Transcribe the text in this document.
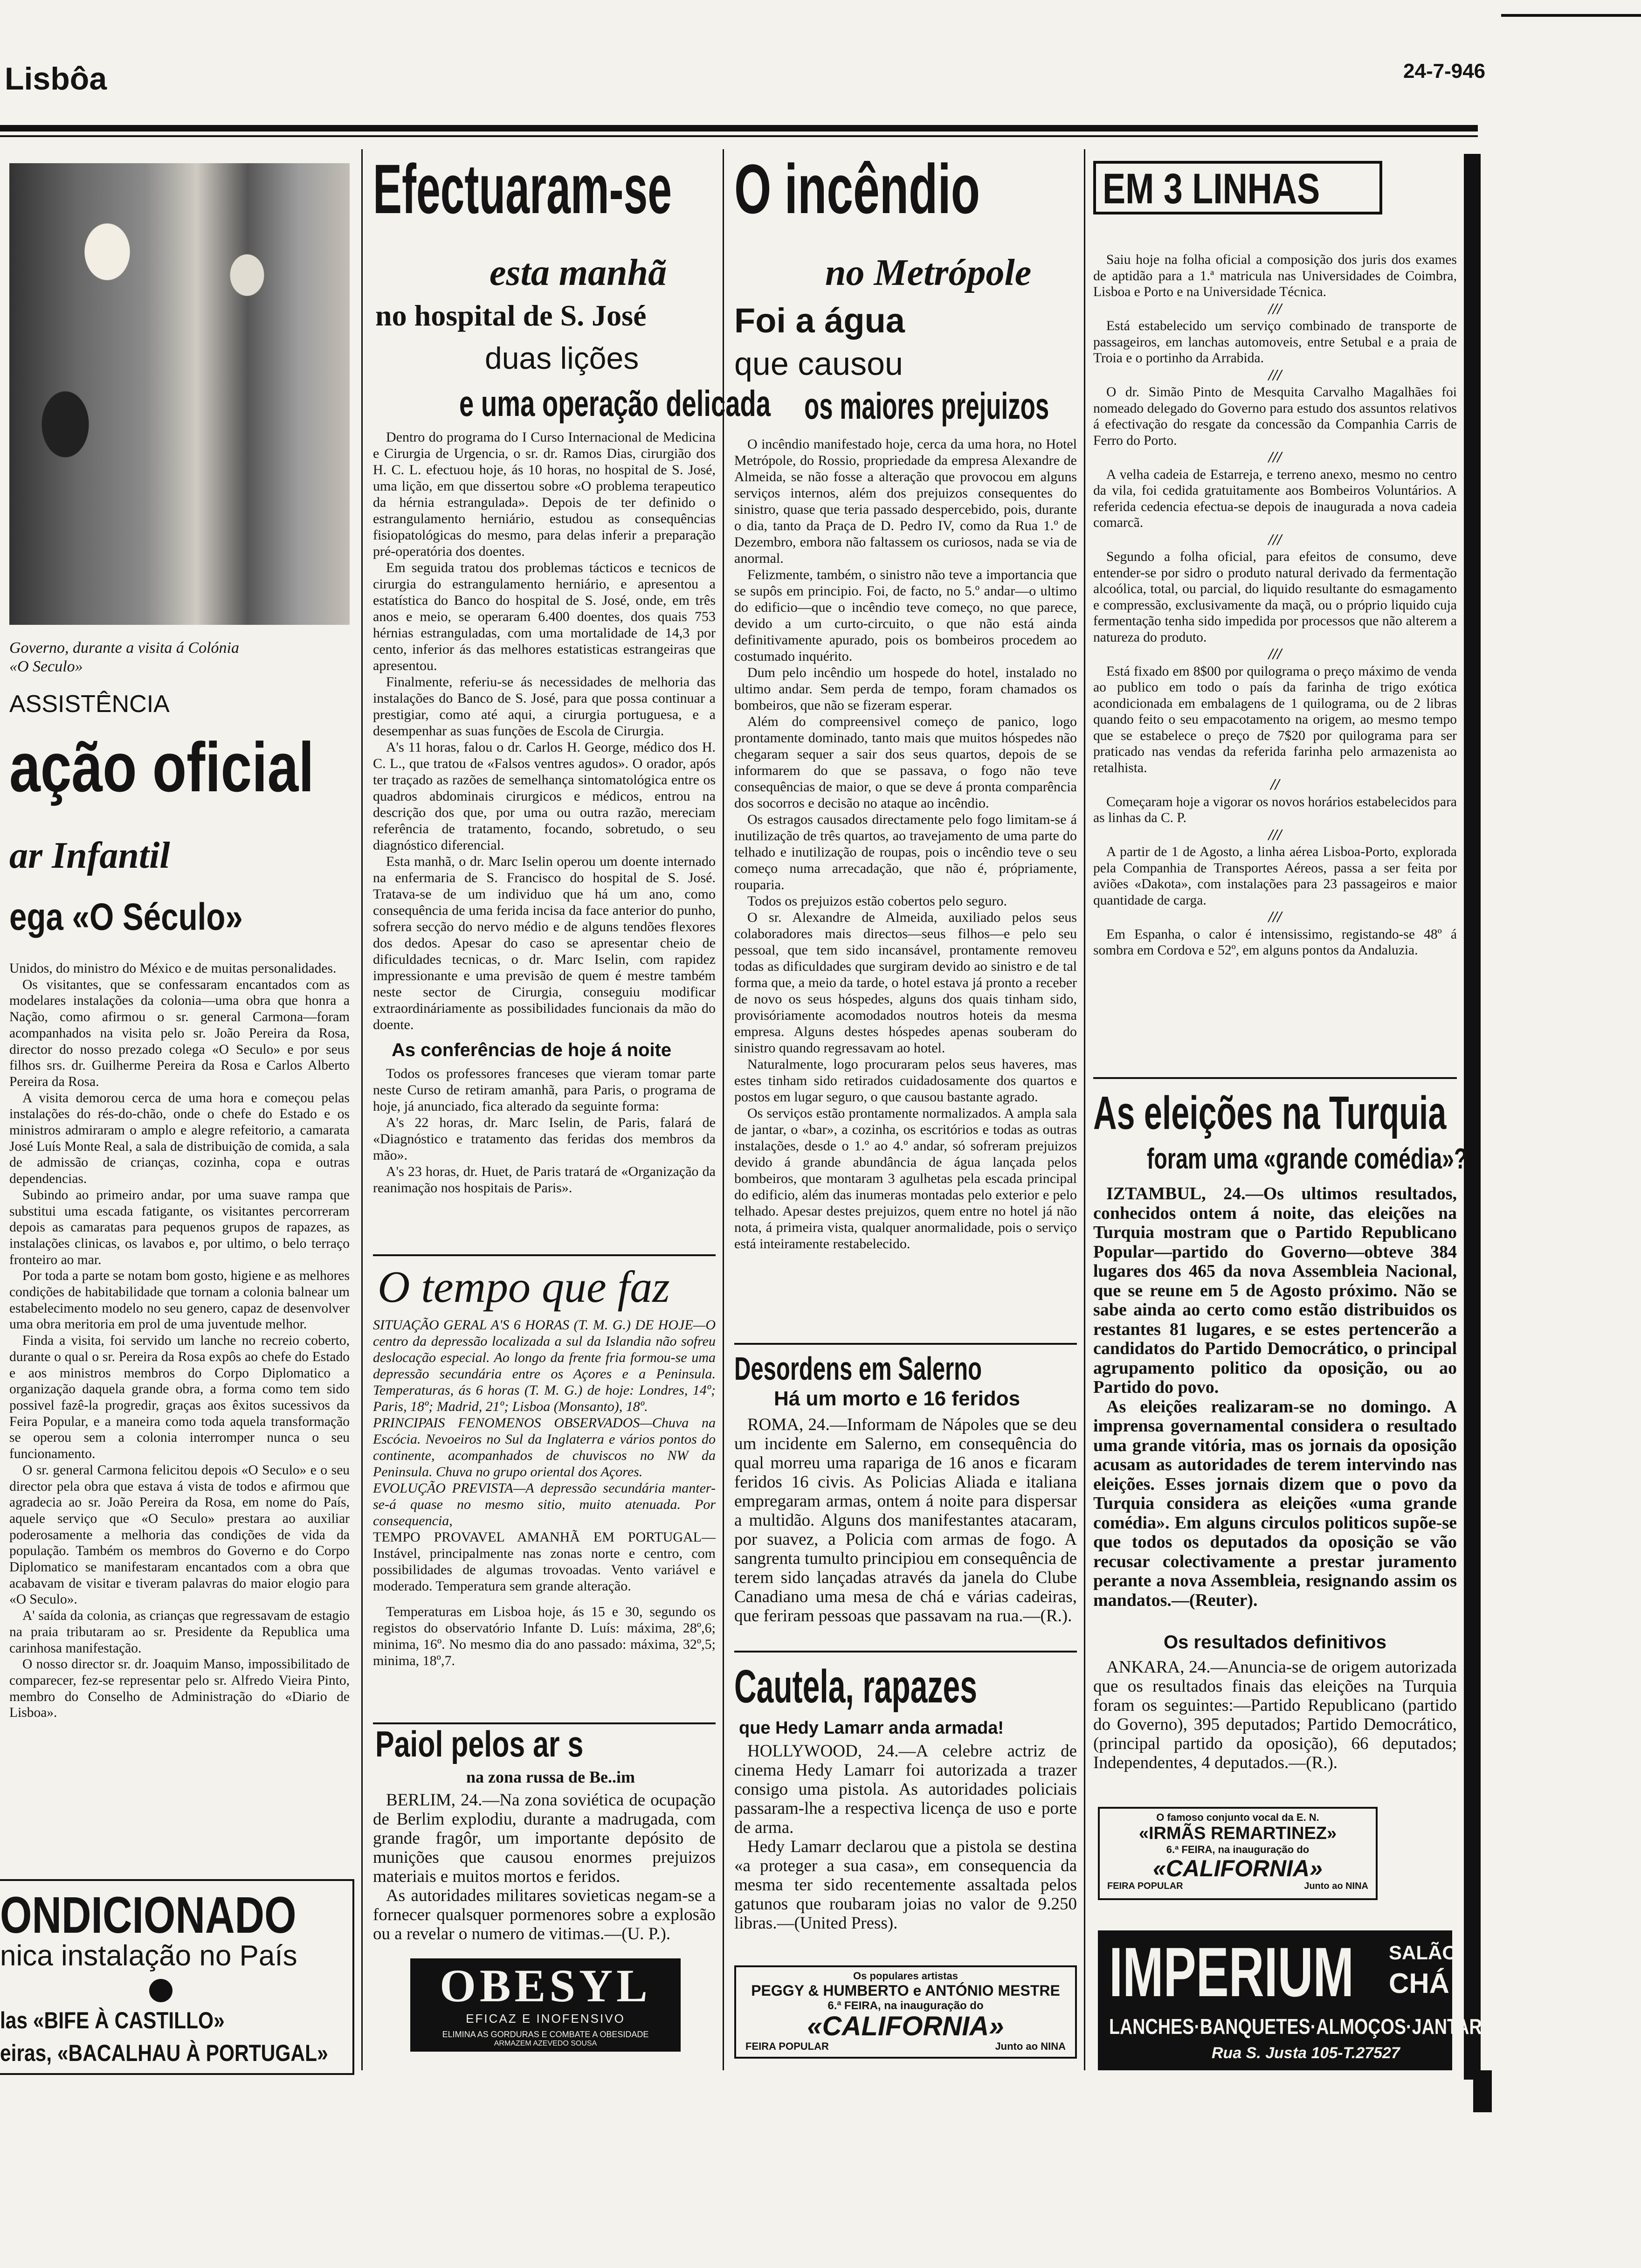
Lisbôa	24-7-946
Governo, durante a visita á Colónia
«O Seculo»
ASSISTÊNCIA
ação oficial
ar Infantil
ega «O Século»

Unidos, do ministro do México e de muitas personalidades.

Os visitantes, que se confessaram encantados com as modelares instalações da colonia—uma obra que honra a Nação, como afirmou o sr. general Carmona—foram acompanhados na visita pelo sr. João Pereira da Rosa, director do nosso prezado colega «O Seculo» e por seus filhos srs. dr. Guilherme Pereira da Rosa e Carlos Alberto Pereira da Rosa.

A visita demorou cerca de uma hora e começou pelas instalações do rés-do-chão, onde o chefe do Estado e os ministros admiraram o amplo e alegre refeitorio, a camarata José Luís Monte Real, a sala de distribuição de comida, a sala de admissão de crianças, cozinha, copa e outras dependencias.

Subindo ao primeiro andar, por uma suave rampa que substitui uma escada fatigante, os visitantes percorreram depois as camaratas para pequenos grupos de rapazes, as instalações clinicas, os lavabos e, por ultimo, o belo terraço fronteiro ao mar.

Por toda a parte se notam bom gosto, higiene e as melhores condições de habitabilidade que tornam a colonia balnear um estabelecimento modelo no seu genero, capaz de desenvolver uma obra meritoria em prol de uma juventude melhor.

Finda a visita, foi servido um lanche no recreio coberto, durante o qual o sr. Pereira da Rosa expôs ao chefe do Estado e aos ministros membros do Corpo Diplomatico a organização daquela grande obra, a forma como tem sido possivel fazê-la progredir, graças aos êxitos sucessivos da Feira Popular, e a maneira como toda aquela transformação se operou sem a colonia interromper nunca o seu funcionamento.

O sr. general Carmona felicitou depois «O Seculo» e o seu director pela obra que estava á vista de todos e afirmou que agradecia ao sr. João Pereira da Rosa, em nome do País, aquele serviço que «O Seculo» prestara ao auxiliar poderosamente a melhoria das condições de vida da população. Também os membros do Governo e do Corpo Diplomatico se manifestaram encantados com a obra que acabavam de visitar e tiveram palavras do maior elogio para «O Seculo».

A' saída da colonia, as crianças que regressavam de estagio na praia tributaram ao sr. Presidente da Republica uma carinhosa manifestação.

O nosso director sr. dr. Joaquim Manso, impossibilitado de comparecer, fez-se representar pelo sr. Alfredo Vieira Pinto, membro do Conselho de Administração do «Diario de Lisboa».

ONDICIONADO
nica instalação no País
las «BIFE À CASTILLO»
eiras, «BACALHAU À PORTUGAL»
Efectuaram-se
esta manhã
no hospital de S. José
duas lições
e uma operação delicada

Dentro do programa do I Curso Internacional de Medicina e Cirurgia de Urgencia, o sr. dr. Ramos Dias, cirurgião dos H. C. L. efectuou hoje, ás 10 horas, no hospital de S. José, uma lição, em que dissertou sobre «O problema terapeutico da hérnia estrangulada». Depois de ter definido o estrangulamento herniário, estudou as consequências fisiopatológicas do mesmo, para delas inferir a preparação pré-operatória dos doentes.

Em seguida tratou dos problemas tácticos e tecnicos de cirurgia do estrangulamento herniário, e apresentou a estatística do Banco do hospital de S. José, onde, em três anos e meio, se operaram 6.400 doentes, dos quais 753 hérnias estranguladas, com uma mortalidade de 14,3 por cento, inferior ás das melhores estatisticas estrangeiras que apresentou.

Finalmente, referiu-se ás necessidades de melhoria das instalações do Banco de S. José, para que possa continuar a prestigiar, como até aqui, a cirurgia portuguesa, e a desempenhar as suas funções de Escola de Cirurgia.

A's 11 horas, falou o dr. Carlos H. George, médico dos H. C. L., que tratou de «Falsos ventres agudos». O orador, após ter traçado as razões de semelhança sintomatológica entre os quadros abdominais cirurgicos e médicos, entrou na descrição dos que, por uma ou outra razão, mereciam referência de tratamento, focando, sobretudo, o seu diagnóstico diferencial.

Esta manhã, o dr. Marc Iselin operou um doente internado na enfermaria de S. Francisco do hospital de S. José. Tratava-se de um individuo que há um ano, como consequência de uma ferida incisa da face anterior do punho, sofrera secção do nervo médio e de alguns tendões flexores dos dedos. Apesar do caso se apresentar cheio de dificuldades tecnicas, o dr. Marc Iselin, com rapidez impressionante e uma previsão de quem é mestre também neste sector de Cirurgia, conseguiu modificar extraordináriamente as possibilidades funcionais da mão do doente.

As conferências de hoje á noite

Todos os professores franceses que vieram tomar parte neste Curso de retiram amanhã, para Paris, o programa de hoje, já anunciado, fica alterado da seguinte forma:

A's 22 horas, dr. Marc Iselin, de Paris, falará de «Diagnóstico e tratamento das feridas dos membros da mão».

A's 23 horas, dr. Huet, de Paris tratará de «Organização da reanimação nos hospitais de Paris».

O tempo que faz

SITUAÇÃO GERAL A'S 6 HORAS (T. M. G.) DE HOJE—O centro da depressão localizada a sul da Islandia não sofreu deslocação especial. Ao longo da frente fria formou-se uma depressão secundária entre os Açores e a Peninsula. Temperaturas, ás 6 horas (T. M. G.) de hoje: Londres, 14º; Paris, 18º; Madrid, 21º; Lisboa (Monsanto), 18º.

PRINCIPAIS FENOMENOS OBSERVADOS—Chuva na Escócia. Nevoeiros no Sul da Inglaterra e vários pontos do continente, acompanhados de chuviscos no NW da Peninsula. Chuva no grupo oriental dos Açores.

EVOLUÇÃO PREVISTA—A depressão secundária manter-se-á quase no mesmo sitio, muito atenuada. Por consequencia,

TEMPO PROVAVEL AMANHÃ EM PORTUGAL—Instável, principalmente nas zonas norte e centro, com possibilidades de algumas trovoadas. Vento variável e moderado. Temperatura sem grande alteração.

Temperaturas em Lisboa hoje, ás 15 e 30, segundo os registos do observatório Infante D. Luís: máxima, 28º,6; minima, 16º. No mesmo dia do ano passado: máxima, 32º,5; minima, 18º,7.

Paiol pelos ar s
na zona russa de Be..im

BERLIM, 24.—Na zona soviética de ocupação de Berlim explodiu, durante a madrugada, com grande fragôr, um importante depósito de munições que causou enormes prejuizos materiais e muitos mortos e feridos.

As autoridades militares sovieticas negam-se a fornecer qualsquer pormenores sobre a explosão ou a revelar o numero de vitimas.—(U. P.).

OBESYL
EFICAZ E INOFENSIVO
ELIMINA AS GORDURAS E COMBATE A OBESIDADE
ARMAZEM AZEVEDO SOUSA
O incêndio
no Metrópole
Foi a água
que causou
os maiores prejuizos

O incêndio manifestado hoje, cerca da uma hora, no Hotel Metrópole, do Rossio, propriedade da empresa Alexandre de Almeida, se não fosse a alteração que provocou em alguns serviços internos, além dos prejuizos consequentes do sinistro, quase que teria passado despercebido, pois, durante o dia, tanto da Praça de D. Pedro IV, como da Rua 1.º de Dezembro, embora não faltassem os curiosos, nada se via de anormal.

Felizmente, também, o sinistro não teve a importancia que se supôs em principio. Foi, de facto, no 5.º andar—o ultimo do edificio—que o incêndio teve começo, no que parece, devido a um curto-circuito, o que não está ainda definitivamente apurado, pois os bombeiros procedem ao costumado inquérito.

Dum pelo incêndio um hospede do hotel, instalado no ultimo andar. Sem perda de tempo, foram chamados os bombeiros, que não se fizeram esperar.

Além do compreensivel começo de panico, logo prontamente dominado, tanto mais que muitos hóspedes não chegaram sequer a sair dos seus quartos, depois de se informarem do que se passava, o fogo não teve consequências de maior, o que se deve á pronta comparência dos socorros e decisão no ataque ao incêndio.

Os estragos causados directamente pelo fogo limitam-se á inutilização de três quartos, ao travejamento de uma parte do telhado e inutilização de roupas, pois o incêndio teve o seu começo numa arrecadação, que não é, própriamente, rouparia.

Todos os prejuizos estão cobertos pelo seguro.

O sr. Alexandre de Almeida, auxiliado pelos seus colaboradores mais directos—seus filhos—e pelo seu pessoal, que tem sido incansável, prontamente removeu todas as dificuldades que surgiram devido ao sinistro e de tal forma que, a meio da tarde, o hotel estava já pronto a receber de novo os seus hóspedes, alguns dos quais tinham sido, provisóriamente acomodados noutros hoteis da mesma empresa. Alguns destes hóspedes apenas souberam do sinistro quando regressavam ao hotel.

Naturalmente, logo procuraram pelos seus haveres, mas estes tinham sido retirados cuidadosamente dos quartos e postos em lugar seguro, o que causou bastante agrado.

Os serviços estão prontamente normalizados. A ampla sala de jantar, o «bar», a cozinha, os escritórios e todas as outras instalações, desde o 1.º ao 4.º andar, só sofreram prejuizos devido á grande abundância de água lançada pelos bombeiros, que montaram 3 agulhetas pela escada principal do edificio, além das inumeras montadas pelo exterior e pelo telhado. Apesar destes prejuizos, quem entre no hotel já não nota, á primeira vista, qualquer anormalidade, pois o serviço está inteiramente restabelecido.

Desordens em Salerno
Há um morto e 16 feridos
ROMA, 24.—Informam de Nápoles que se deu um incidente em Salerno, em consequência do qual morreu uma rapariga de 16 anos e ficaram feridos 16 civis. As Policias Aliada e italiana empregaram armas, ontem á noite para dispersar a multidão. Alguns dos manifestantes atacaram, por suavez, a Policia com armas de fogo. A sangrenta tumulto principiou em consequência de terem sido lançadas através da janela do Clube Canadiano uma mesa de chá e várias cadeiras, que feriram pessoas que passavam na rua.—(R.).
Cautela, rapazes
que Hedy Lamarr anda armada!

HOLLYWOOD, 24.—A celebre actriz de cinema Hedy Lamarr foi autorizada a trazer consigo uma pistola. As autoridades policiais passaram-lhe a respectiva licença de uso e porte de arma.

Hedy Lamarr declarou que a pistola se destina «a proteger a sua casa», em consequencia da mesma ter sido recentemente assaltada pelos gatunos que roubaram joias no valor de 9.250 libras.—(United Press).

Os populares artistas
PEGGY & HUMBERTO e ANTÓNIO MESTRE
6.ª FEIRA, na inauguração do
«CALIFORNIA»
FEIRA POPULAR	Junto ao NINA
EM 3 LINHAS

Saiu hoje na folha oficial a composição dos juris dos exames de aptidão para a 1.ª matricula nas Universidades de Coimbra, Lisboa e Porto e na Universidade Técnica.

///

Está estabelecido um serviço combinado de transporte de passageiros, em lanchas automoveis, entre Setubal e a praia de Troia e o portinho da Arrabida.

///

O dr. Simão Pinto de Mesquita Carvalho Magalhães foi nomeado delegado do Governo para estudo dos assuntos relativos á efectivação do resgate da concessão da Companhia Carris de Ferro do Porto.

///

A velha cadeia de Estarreja, e terreno anexo, mesmo no centro da vila, foi cedida gratuitamente aos Bombeiros Voluntários. A referida cedencia efectua-se depois de inaugurada a nova cadeia comarcã.

///

Segundo a folha oficial, para efeitos de consumo, deve entender-se por sidro o produto natural derivado da fermentação alcoólica, total, ou parcial, do liquido resultante do esmagamento e compressão, exclusivamente da maçã, ou o próprio liquido cuja fermentação tenha sido impedida por processos que não alterem a natureza do produto.

///

Está fixado em 8$00 por quilograma o preço máximo de venda ao publico em todo o país da farinha de trigo exótica acondicionada em embalagens de 1 quilograma, ou de 2 libras quando feito o seu empacotamento na origem, ao mesmo tempo que se estabelece o preço de 7$20 por quilograma para ser praticado nas vendas da referida farinha pelo armazenista ao retalhista.

//

Começaram hoje a vigorar os novos horários estabelecidos para as linhas da C. P.

///

A partir de 1 de Agosto, a linha aérea Lisboa-Porto, explorada pela Companhia de Transportes Aéreos, passa a ser feita por aviões «Dakota», com instalações para 23 passageiros e maior quantidade de carga.

///

Em Espanha, o calor é intensissimo, registando-se 48º á sombra em Cordova e 52º, em alguns pontos da Andaluzia.

As eleições na Turquia
foram uma «grande comédia»?

IZTAMBUL, 24.—Os ultimos resultados, conhecidos ontem á noite, das eleições na Turquia mostram que o Partido Republicano Popular—partido do Governo—obteve 384 lugares dos 465 da nova Assembleia Nacional, que se reune em 5 de Agosto próximo. Não se sabe ainda ao certo como estão distribuidos os restantes 81 lugares, e se estes pertencerão a candidatos do Partido Democrático, o principal agrupamento politico da oposição, ou ao Partido do povo.

As eleições realizaram-se no domingo. A imprensa governamental considera o resultado uma grande vitória, mas os jornais da oposição acusam as autoridades de terem intervindo nas eleições. Esses jornais dizem que o povo da Turquia considera as eleições «uma grande comédia». Em alguns circulos politicos supõe-se que todos os deputados da oposição se vão recusar colectivamente a prestar juramento perante a nova Assembleia, resignando assim os mandatos.—(Reuter).

Os resultados definitivos
ANKARA, 24.—Anuncia-se de origem autorizada que os resultados finais das eleições na Turquia foram os seguintes:—Partido Republicano (partido do Governo), 395 deputados; Partido Democrático, (principal partido da oposição), 66 deputados; Independentes, 4 deputados.—(R.).
O famoso conjunto vocal da E. N.
«IRMÃS REMARTINEZ»
6.ª FEIRA, na inauguração do
«CALIFORNIA»
FEIRA POPULAR	Junto ao NINA
IMPERIUM SALÃO
CHÁ
LANCHES·BANQUETES·ALMOÇOS·JANTARES
Rua S. Justa 105-T.27527
